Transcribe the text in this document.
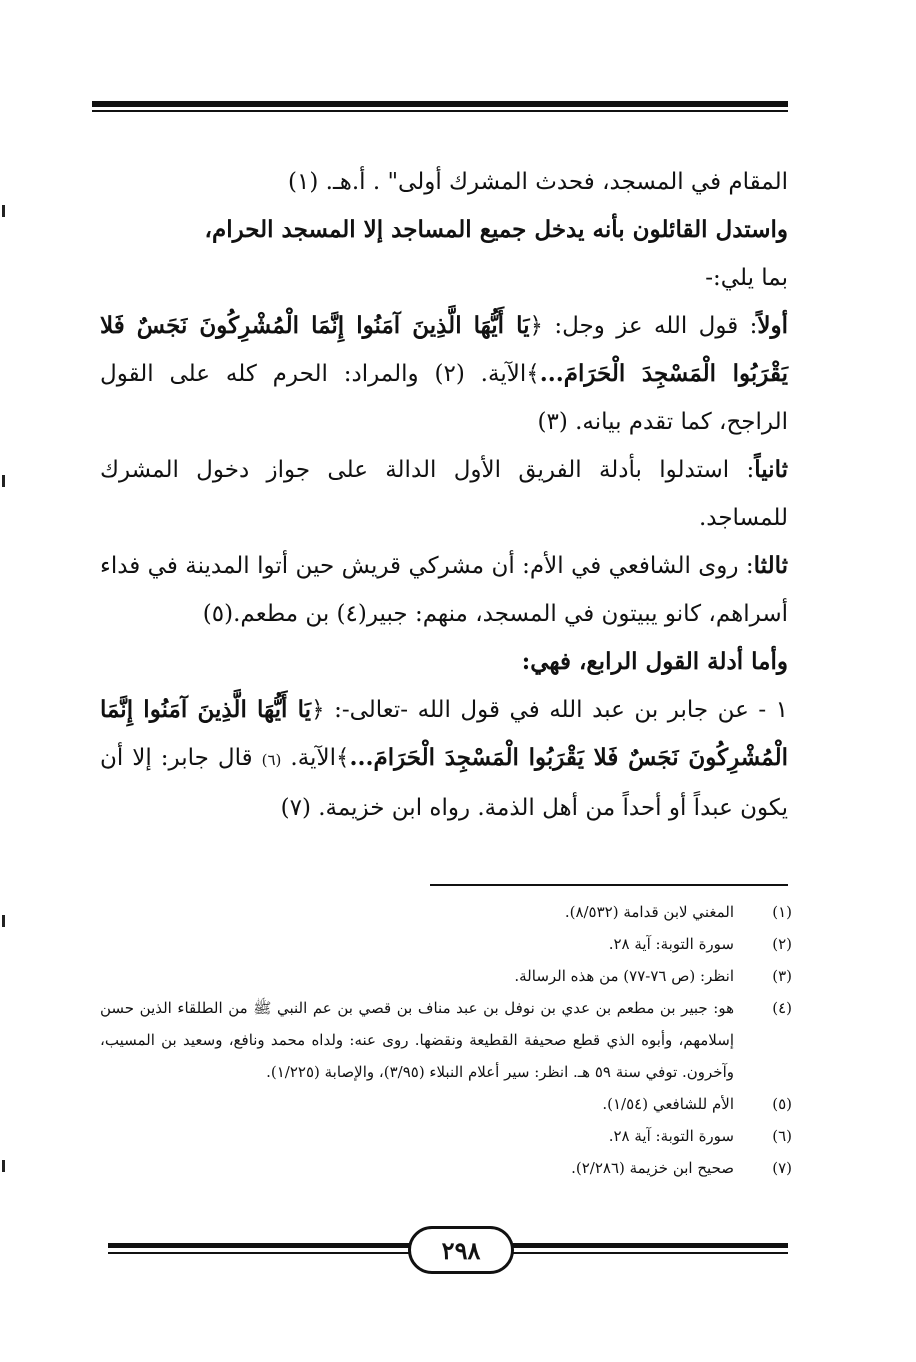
المقام في المسجد، فحدث المشرك أولى" . أ.هـ. (١)

واستدل القائلون بأنه يدخل جميع المساجد إلا المسجد الحرام،

بما يلي:-

أولاً: قول الله عز وجل: ﴿يَا أَيُّهَا الَّذِينَ آمَنُوا إِنَّمَا الْمُشْرِكُونَ نَجَسٌ فَلا يَقْرَبُوا الْمَسْجِدَ الْحَرَامَ...﴾الآية. (٢) والمراد: الحرم كله على القول الراجح، كما تقدم بيانه. (٣)

ثانياً: استدلوا بأدلة الفريق الأول الدالة على جواز دخول المشرك للمساجد.

ثالثا: روى الشافعي في الأم: أن مشركي قريش حين أتوا المدينة في فداء أسراهم، كانو يبيتون في المسجد، منهم: جبير(٤) بن مطعم.(٥)

وأما أدلة القول الرابع، فهي:

١ - عن جابر بن عبد الله في قول الله -تعالى-: ﴿يَا أَيُّهَا الَّذِينَ آمَنُوا إِنَّمَا الْمُشْرِكُونَ نَجَسٌ فَلا يَقْرَبُوا الْمَسْجِدَ الْحَرَامَ...﴾الآية. (٦) قال جابر: إلا أن يكون عبداً أو أحداً من أهل الذمة. رواه ابن خزيمة. (٧)

(١)
المغني لابن قدامة (٨/٥٣٢).
(٢)
سورة التوبة: آية ٢٨.
(٣)
انظر: (ص ٧٦-٧٧) من هذه الرسالة.
(٤)
هو: جبير بن مطعم بن عدي بن نوفل بن عبد مناف بن قصي بن عم النبي ﷺ من الطلقاء الذين حسن إسلامهم، وأبوه الذي قطع صحيفة القطيعة ونقضها. روى عنه: ولداه محمد ونافع، وسعيد بن المسيب، وآخرون. توفي سنة ٥٩ هـ. انظر: سير أعلام النبلاء (٣/٩٥)، والإصابة (١/٢٢٥).
(٥)
الأم للشافعي (١/٥٤).
(٦)
سورة التوبة: آية ٢٨.
(٧)
صحيح ابن خزيمة (٢/٢٨٦).
٢٩٨
